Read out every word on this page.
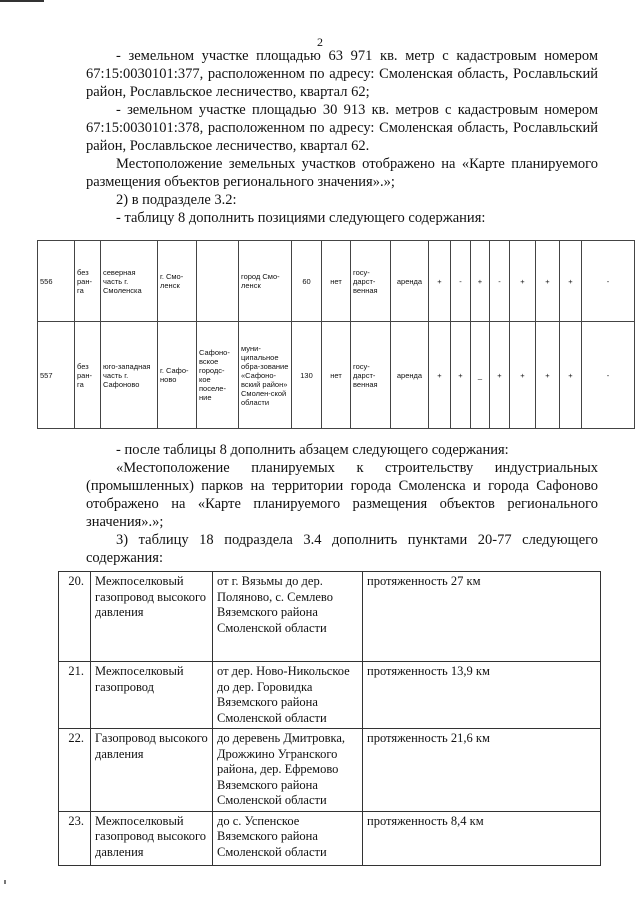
2

- земельном участке площадью 63 971 кв. метр с кадастровым номером 67:15:0030101:377, расположенном по адресу: Смоленская область, Рославльский район, Рославльское лесничество, квартал 62;

- земельном участке площадью 30 913 кв. метров с кадастровым номером 67:15:0030101:378, расположенном по адресу: Смоленская область, Рославльский район, Рославльское лесничество, квартал 62.

Местоположение земельных участков отображено на «Карте планируемого размещения объектов регионального значения».»;

2) в подразделе 3.2:

- таблицу 8 дополнить позициями следующего содержания:

556	без ран-га	северная часть г. Смоленска	г. Смо-ленск		город Смо-ленск	60	нет	госу-дарст-венная	аренда	+	-	+	-	+	+	+	-
557	без ран-га	юго-западная часть г. Сафоново	г. Сафо-ново	Сафоно-вское городс-кое поселе-ние	муни-ципальное обра-зование «Сафоно-вский район» Смолен-ской области	130	нет	госу-дарст-венная	аренда	+	+	_	+	+	+	+	-

- после таблицы 8 дополнить абзацем следующего содержания:

«Местоположение планируемых к строительству индустриальных (промышленных) парков на территории города Смоленска и города Сафоново отображено на «Карте планируемого размещения объектов регионального значения».»;

3) таблицу 18 подраздела 3.4 дополнить пунктами 20-77 следующего содержания:

20.	Межпоселковый газопровод высокого давления	от г. Вязьмы до дер. Поляново, с. Семлево Вяземского района Смоленской области	протяженность 27 км
21.	Межпоселковый газопровод	от дер. Ново-Никольское до дер. Горовидка Вяземского района Смоленской области	протяженность 13,9 км
22.	Газопровод высокого давления	до деревень Дмитровка, Дрожжино Угранского района, дер. Ефремово Вяземского района Смоленской области	протяженность 21,6 км
23.	Межпоселковый газопровод высокого давления	до с. Успенское Вяземского района Смоленской области	протяженность 8,4 км
